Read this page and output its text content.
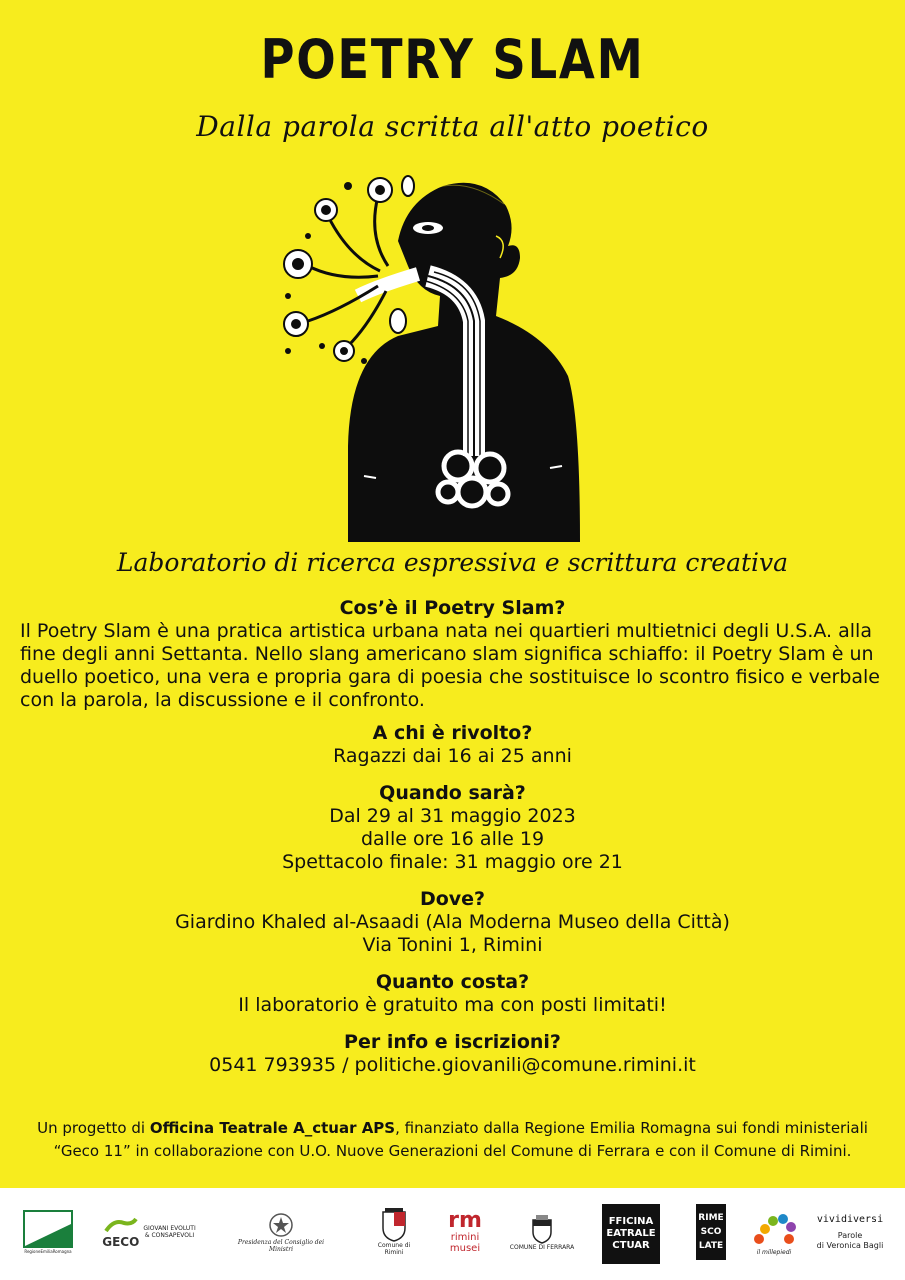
POETRY SLAM
Dalla parola scritta all'atto poetico
Laboratorio di ricerca espressiva e scrittura creativa
Cos’è il Poetry Slam?

Il Poetry Slam è una pratica artistica urbana nata nei quartieri multietnici degli U.S.A. alla fine degli anni Settanta. Nello slang americano slam significa schiaffo: il Poetry Slam è un duello poetico, una vera e propria gara di poesia che sostituisce lo scontro fisico e verbale con la parola, la discussione e il confronto.

A chi è rivolto?

Ragazzi dai 16 ai 25 anni

Quando sarà?

Dal 29 al 31 maggio 2023

dalle ore 16 alle 19

Spettacolo finale: 31 maggio ore 21

Dove?

Giardino Khaled al-Asaadi (Ala Moderna Museo della Città)

Via Tonini 1, Rimini

Quanto costa?

Il laboratorio è gratuito ma con posti limitati!

Per info e iscrizioni?

0541 793935 / politiche.giovanili@comune.rimini.it

Un progetto di Officina Teatrale A_ctuar APS, finanziato dalla Regione Emilia Romagna sui fondi ministeriali
“Geco 11” in collaborazione con U.O. Nuove Generazioni del Comune di Ferrara e con il Comune di Rimini.
RegioneEmiliaRomagna
GECO
GIOVANI EVOLUTI
& CONSAPEVOLI
Presidenza del Consiglio dei Ministri
Comune di Rimini
rm
rimini
musei	COMUNE DI FERRARA
FFICINA
EATRALE
CTUAR
RIME
SCO
LATE
il millepiedi
vividiversi
Parole
di Veronica Bagli
